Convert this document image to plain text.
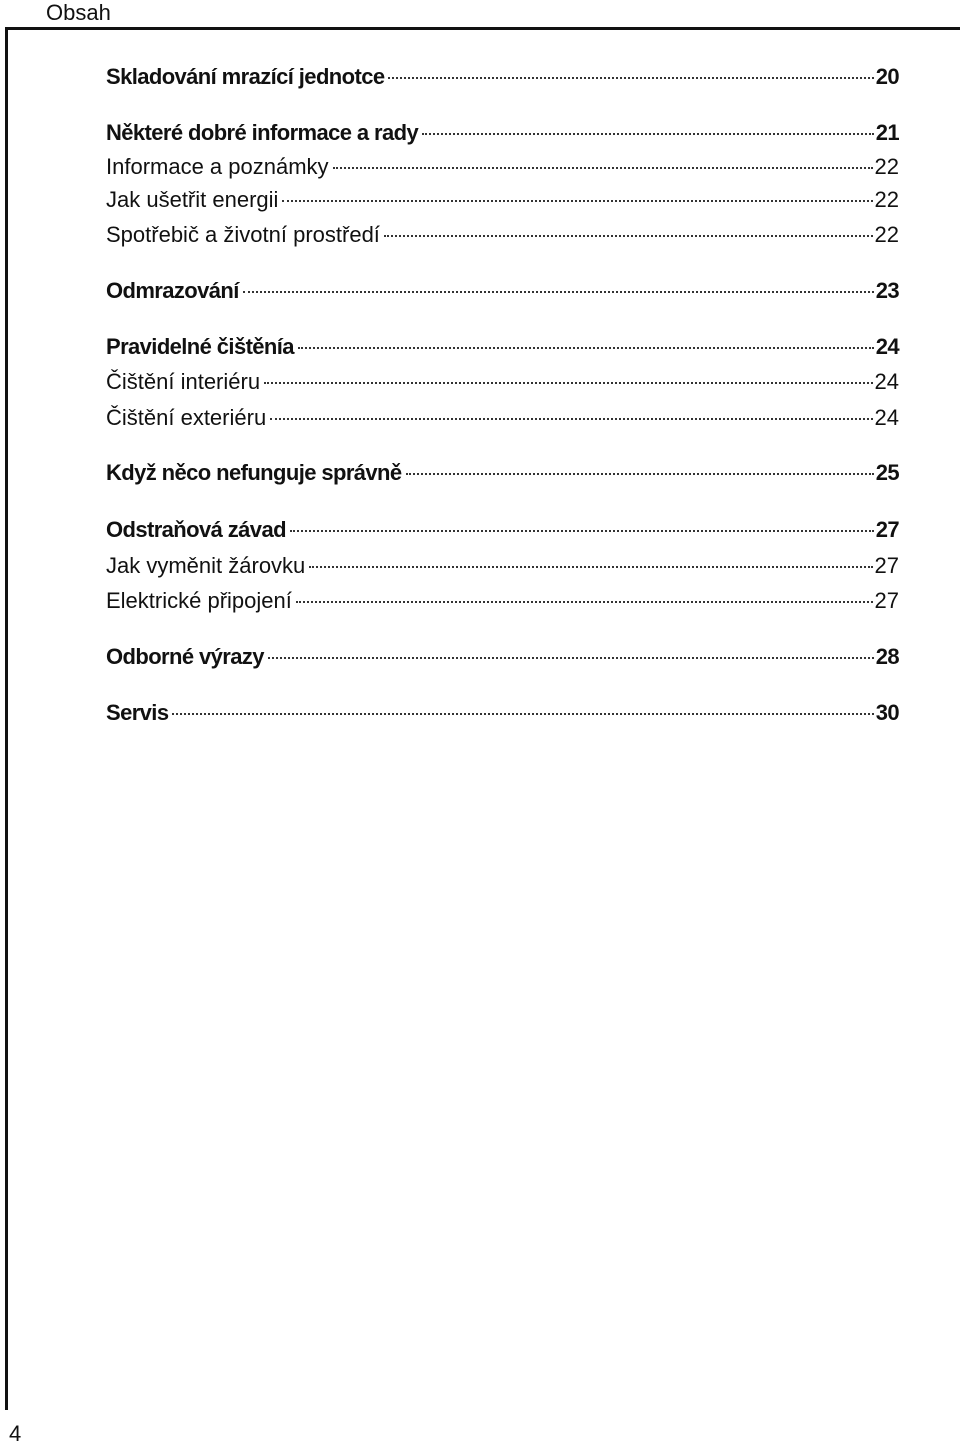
Obsah
Skladování mrazící jednotce	20
Některé dobré informace a rady	21
Informace a poznámky	22
Jak ušetřit energii	22
Spotřebič a životní prostředí	22
Odmrazování	23
Pravidelné čištěnía	24
Čištění interiéru	24
Čištění exteriéru	24
Když něco nefunguje správně	25
Odstraňová závad	27
Jak vyměnit žárovku	27
Elektrické připojení	27
Odborné výrazy	28
Servis	30
4
